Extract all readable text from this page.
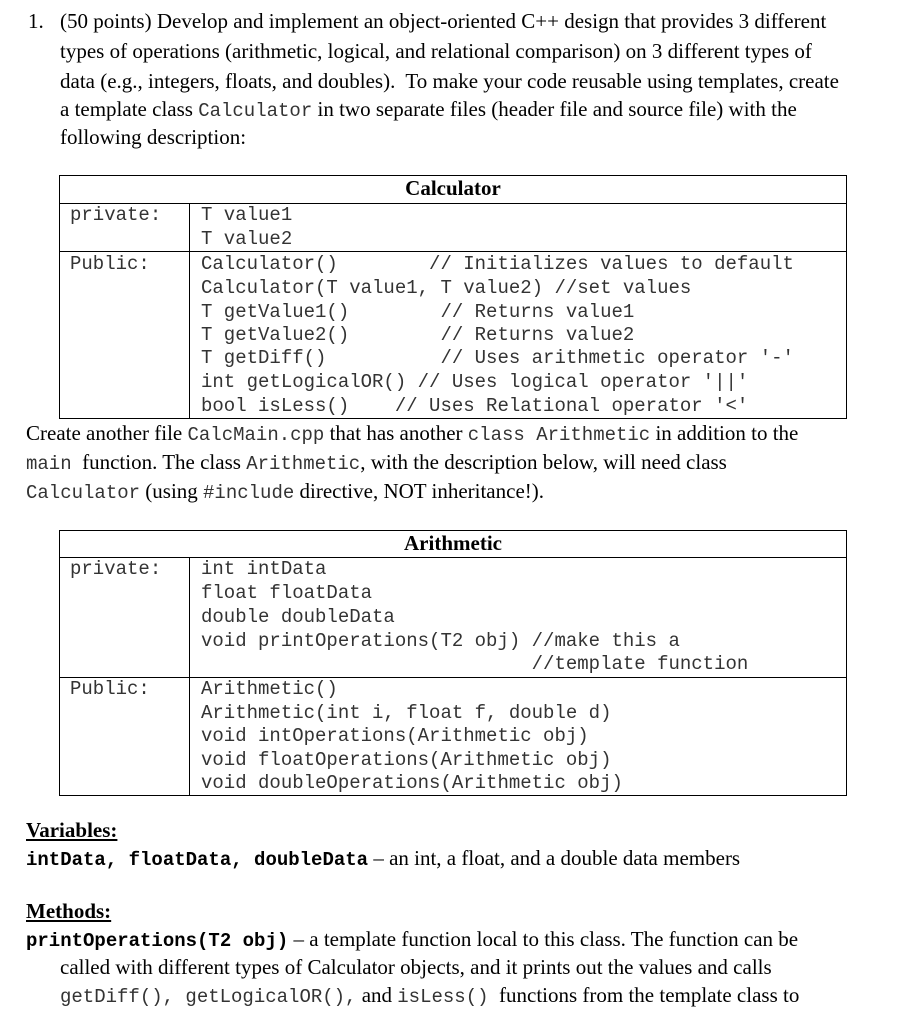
1. (50 points) Develop and implement an object-oriented C++ design that provides 3 different
types of operations (arithmetic, logical, and relational comparison) on 3 different types of
data (e.g., integers, floats, and doubles).  To make your code reusable using templates, create
a template class Calculator in two separate files (header file and source file) with the
following description:
Calculator
private: T value1
T value2
Public:	Calculator()        // Initializes values to default
Calculator(T value1, T value2) //set values
T getValue1()        // Returns value1
T getValue2()        // Returns value2
T getDiff()          // Uses arithmetic operator '-'
int getLogicalOR() // Uses logical operator '||'
bool isLess()    // Uses Relational operator '<'
Create another file CalcMain.cpp that has another class Arithmetic in addition to the
main  function. The class Arithmetic, with the description below, will need class
Calculator (using #include directive, NOT inheritance!).
Arithmetic
private: int intData
float floatData
double doubleData
void printOperations(T2 obj) //make this a
//template function
Public:	Arithmetic()
Arithmetic(int i, float f, double d)
void intOperations(Arithmetic obj)
void floatOperations(Arithmetic obj)
void doubleOperations(Arithmetic obj)
Variables:
intData, floatData, doubleData – an int, a float, and a double data members
Methods:
printOperations(T2 obj) – a template function local to this class. The function can be
called with different types of Calculator objects, and it prints out the values and calls
getDiff(), getLogicalOR(), and isLess()  functions from the template class to
